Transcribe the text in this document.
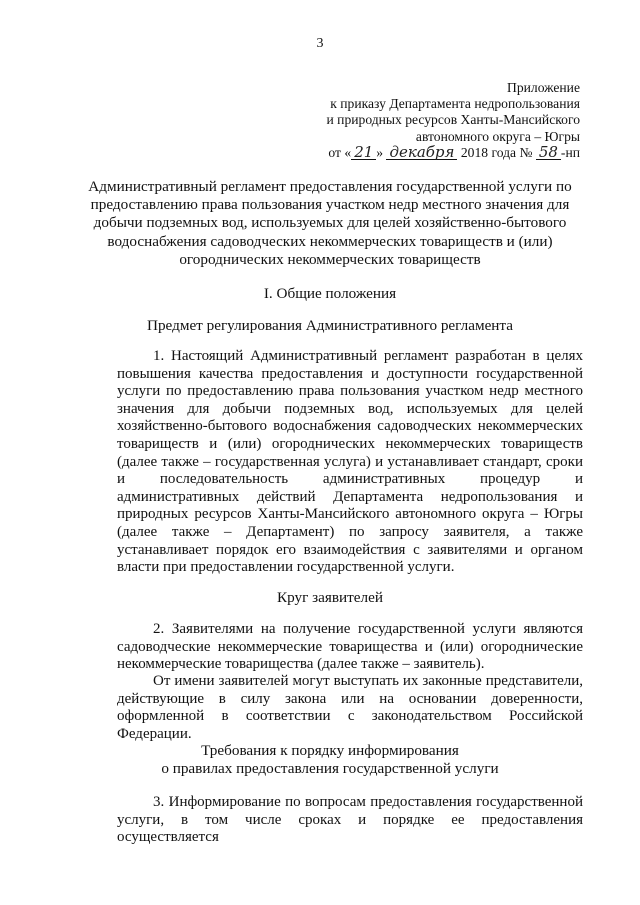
3
Приложение
к приказу Департамента недропользования
и природных ресурсов Ханты-Мансийского
автономного округа – Югры
от « 21 » декабря 2018 года № 58 -нп
Административный регламент предоставления государственной услуги по предоставлению права пользования участком недр местного значения для добычи подземных вод, используемых для целей хозяйственно-бытового водоснабжения садоводческих некоммерческих товариществ и (или) огороднических некоммерческих товариществ
I. Общие положения
Предмет регулирования Административного регламента
1. Настоящий Административный регламент разработан в целях повышения качества предоставления и доступности государственной услуги по предоставлению права пользования участком недр местного значения для добычи подземных вод, используемых для целей хозяйственно-бытового водоснабжения садоводческих некоммерческих товариществ и (или) огороднических некоммерческих товариществ (далее также – государственная услуга) и устанавливает стандарт, сроки и последовательность административных процедур и административных действий Департамента недропользования и природных ресурсов Ханты-Мансийского автономного округа – Югры (далее также – Департамент) по запросу заявителя, а также устанавливает порядок его взаимодействия с заявителями и органом власти при предоставлении государственной услуги.
Круг заявителей
2. Заявителями на получение государственной услуги являются садоводческие некоммерческие товарищества и (или) огороднические некоммерческие товарищества (далее также – заявитель).
От имени заявителей могут выступать их законные представители, действующие в силу закона или на основании доверенности, оформленной в соответствии с законодательством Российской Федерации.
Требования к порядку информирования
о правилах предоставления государственной услуги
3. Информирование по вопросам предоставления государственной услуги, в том числе сроках и порядке ее предоставления осуществляется
